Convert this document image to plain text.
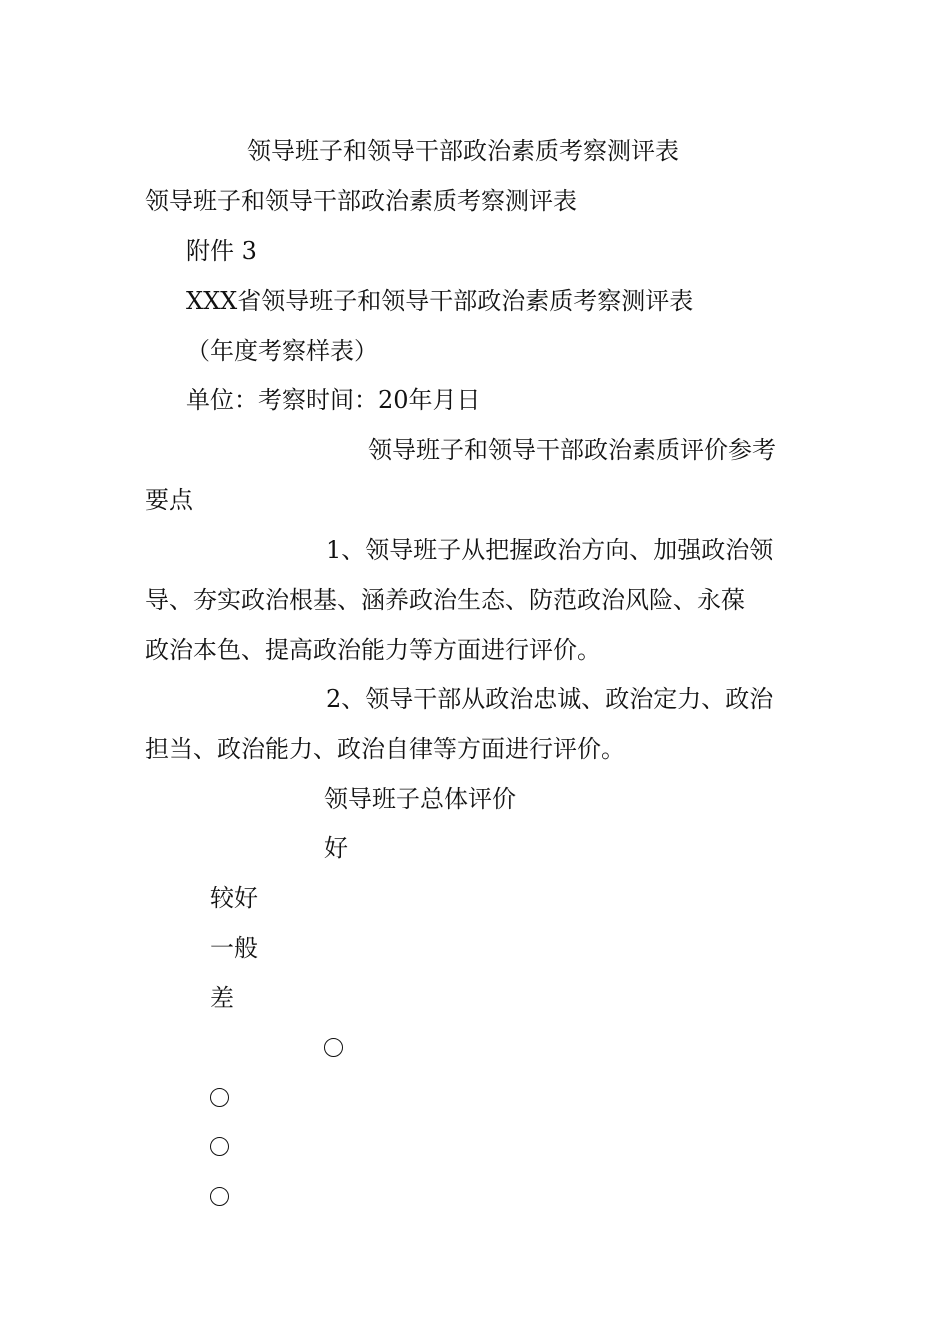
领导班子和领导干部政治素质考察测评表

领导班子和领导干部政治素质考察测评表

附件 3

XXX省领导班子和领导干部政治素质考察测评表

（年度考察样表）

单位：考察时间：20年月日

领导班子和领导干部政治素质评价参考

要点

1、领导班子从把握政治方向、加强政治领

导、夯实政治根基、涵养政治生态、防范政治风险、永葆

政治本色、提高政治能力等方面进行评价。

2、领导干部从政治忠诚、政治定力、政治

担当、政治能力、政治自律等方面进行评价。

领导班子总体评价

好

较好

一般

差
